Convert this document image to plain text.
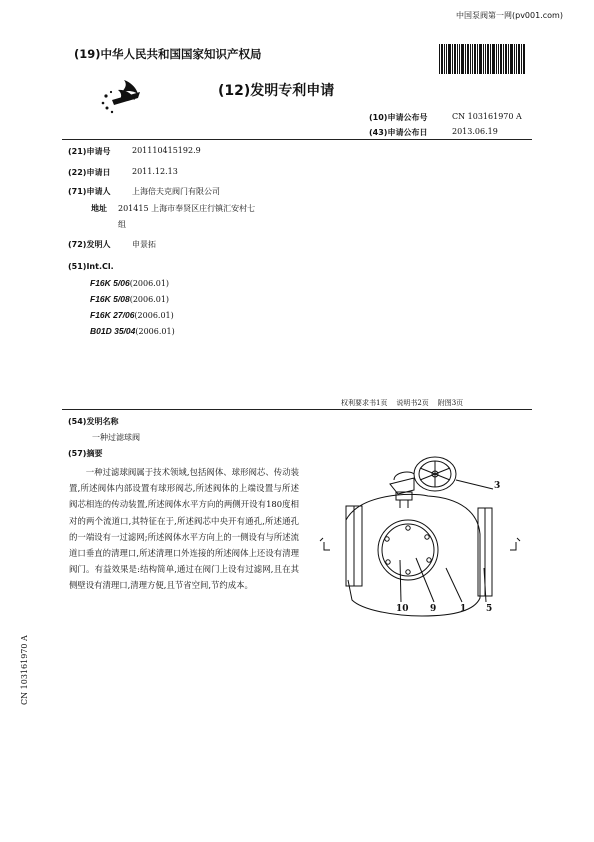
中国泵阀第一网(pv001.com)
(19)中华人民共和国国家知识产权局
(12)发明专利申请
(10)申请公布号	CN 103161970 A
(43)申请公布日	2013.06.19
(21)申请号	201110415192.9
(22)申请日	2011.12.13
(71)申请人	上海倍夫克阀门有限公司
地址 201415 上海市奉贤区庄行镇汇安村七
组
(72)发明人	申景拓
(51)Int.Cl.
F16K 5/06(2006.01)
F16K 5/08(2006.01)
F16K 27/06(2006.01)
B01D 35/04(2006.01)
权利要求书1页    说明书2页    附图3页
(54)发明名称
一种过滤球阀
(57)摘要
一种过滤球阀属于技术领域,包括阀体、球形阀芯、传动装置,所述阀体内部设置有球形阀芯,所述阀体的上端设置与所述阀芯相连的传动装置,所述阀体水平方向的两侧开设有180度相对的两个流道口,其特征在于,所述阀芯中央开有通孔,所述通孔的一端设有一过滤网;所述阀体水平方向上的一侧设有与所述流道口垂直的清理口,所述清理口外连接的所述阀体上还设有清理阀门。有益效果是:结构简单,通过在阀门上设有过滤网,且在其侧壁设有清理口,清理方便,且节省空间,节约成本。
3
10 9	1 5
CN 103161970 A
